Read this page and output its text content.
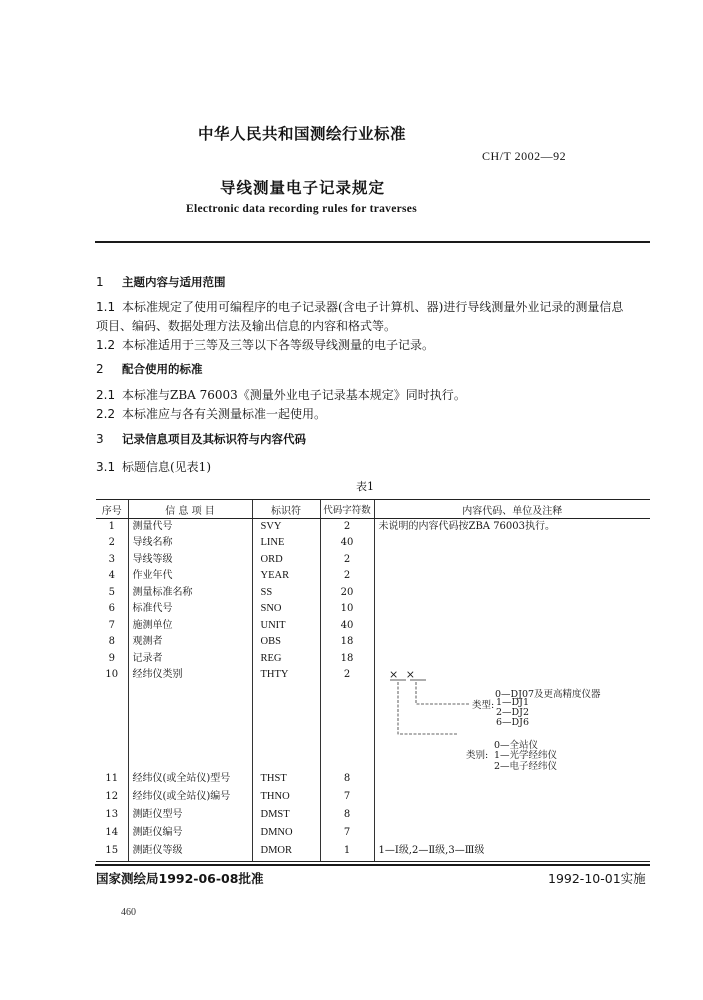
中华人民共和国测绘行业标准
CH/T 2002—92
导线测量电子记录规定
Electronic data recording rules for traverses
1 主题内容与适用范围
1.1 本标准规定了使用可编程序的电子记录器(含电子计算机、器)进行导线测量外业记录的测量信息
项目、编码、数据处理方法及输出信息的内容和格式等。
1.2 本标准适用于三等及三等以下各等级导线测量的电子记录。
2 配合使用的标准
2.1 本标准与ZBA 76003《测量外业电子记录基本规定》同时执行。
2.2 本标准应与各有关测量标准一起使用。
3 记录信息项目及其标识符与内容代码
3.1 标题信息(见表1)
表1
序号	信 息 项 目	标识符	代码字符数	内容代码、单位及注释
1	测量代号	SVY	2	未说明的内容代码按ZBA 76003执行。
2	导线名称	LINE	40	
3	导线等级	ORD	2	
4	作业年代	YEAR	2	
5	测量标准名称	SS	20	
6	标准代号	SNO	10	
7	施测单位	UNIT	40	
8	观测者	OBS	18	
9	记录者	REG	18	
10	经纬仪类别	THTY	2	
11	经纬仪(或全站仪)型号	THST	8	
12	经纬仪(或全站仪)编号	THNO	7	
13	测距仪型号	DMST	8	
14	测距仪编号	DMNO	7	
15	测距仪等级	DMOR	1	1—Ⅰ级,2—Ⅱ级,3—Ⅲ级
× ×
0—DJ07及更高精度仪器
类型: 1—DJ1
2—DJ2
6—DJ6
0—全站仪
类别: 1—光学经纬仪
2—电子经纬仪
国家测绘局1992-06-08批准	1992-10-01实施
460
